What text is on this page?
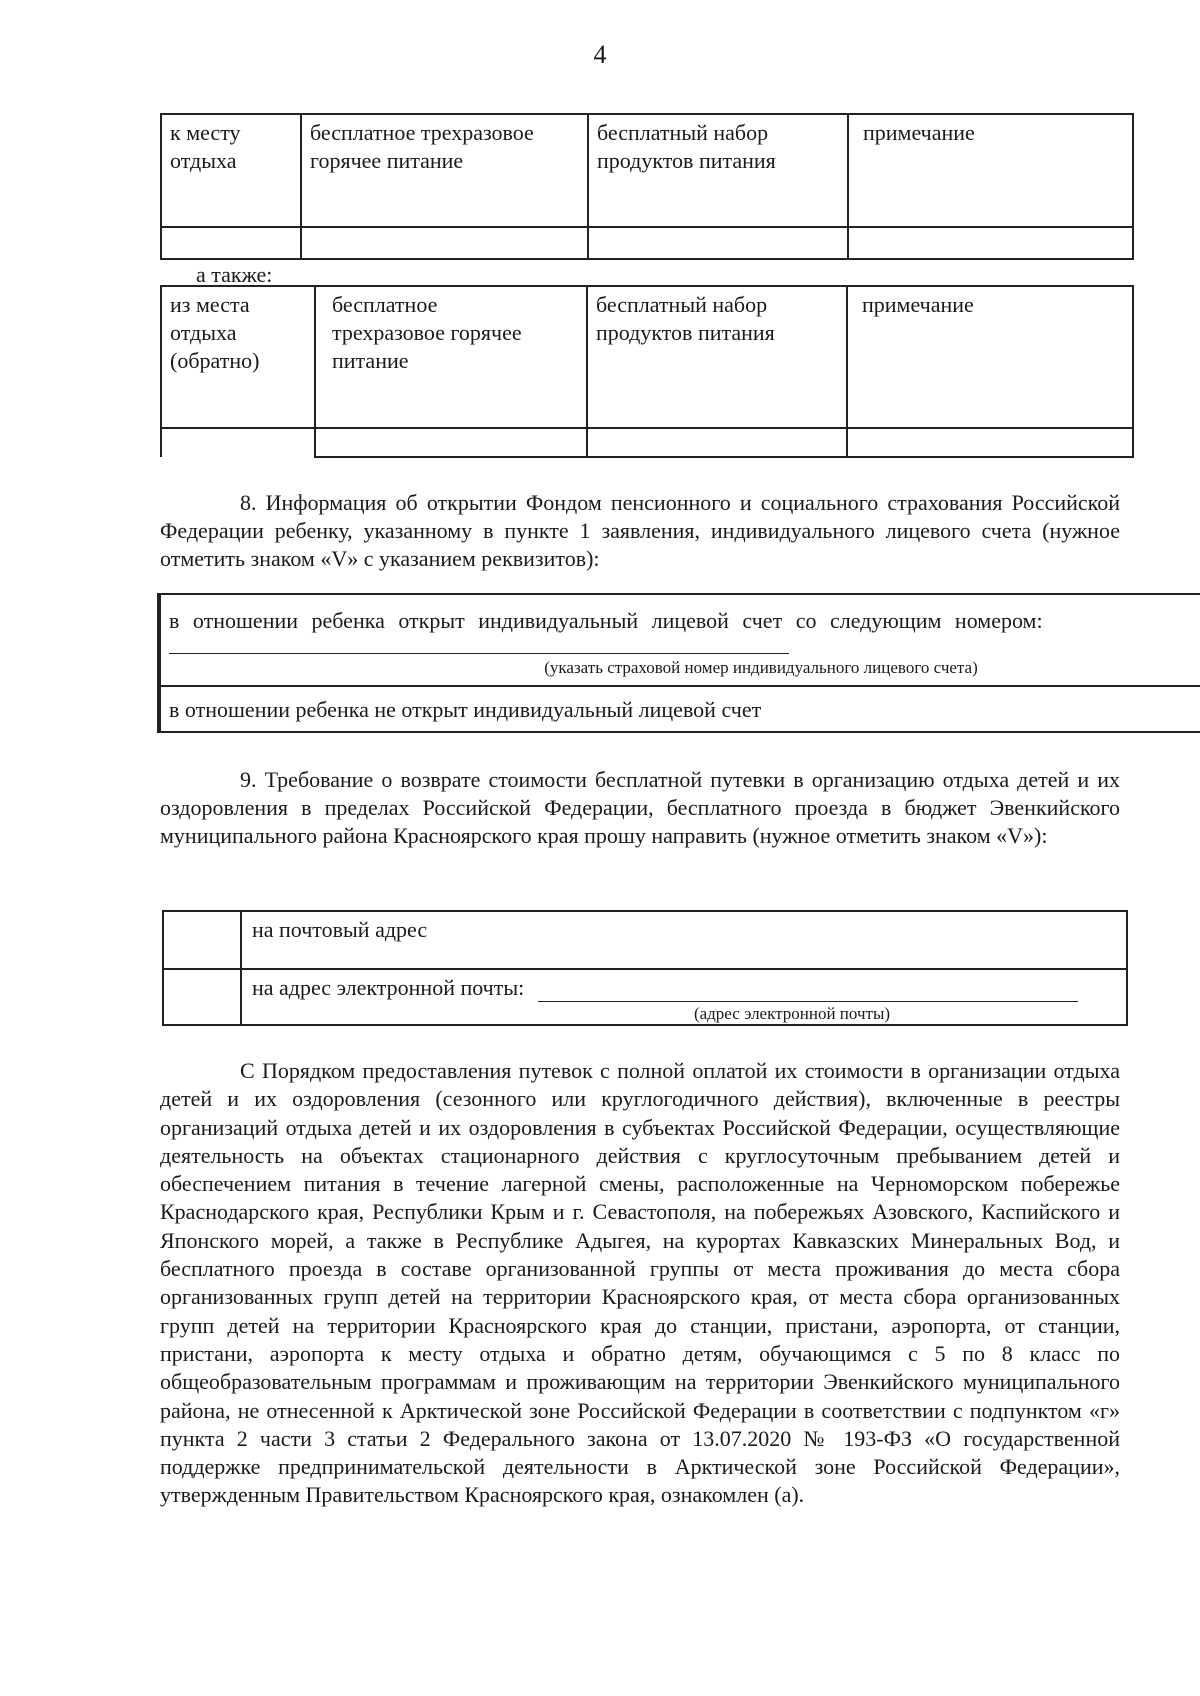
4
к месту отдыха	бесплатное трехразовое горячее питание	бесплатный набор продуктов питания	примечание

а также:
из места отдыха (обратно)	бесплатное трехразовое горячее питание	бесплатный набор продуктов питания	примечание

8. Информация об открытии Фондом пенсионного и социального страхования Российской Федерации ребенку, указанному в пункте 1 заявления, индивидуального лицевого счета (нужное отметить знаком «V» с указанием реквизитов):

	в отношении ребенка открыт индивидуальный лицевой счет со следующим номером:
(указать страховой номер индивидуального лицевого счета)

	в отношении ребенка не открыт индивидуальный лицевой счет
9. Требование о возврате стоимости бесплатной путевки в организацию отдыха детей и их оздоровления в пределах Российской Федерации, бесплатного проезда в бюджет Эвенкийского муниципального района Красноярского края прошу направить (нужное отметить знаком «V»):

	на почтовый адрес

	на адрес электронной почты:
(адрес электронной почты)
С Порядком предоставления путевок с полной оплатой их стоимости в организации отдыха детей и их оздоровления (сезонного или круглогодичного действия), включенные в реестры организаций отдыха детей и их оздоровления в субъектах Российской Федерации, осуществляющие деятельность на объектах стационарного действия с круглосуточным пребыванием детей и обеспечением питания в течение лагерной смены, расположенные на Черноморском побережье Краснодарского края, Республики Крым и г. Севастополя, на побережьях Азовского, Каспийского и Японского морей, а также в Республике Адыгея, на курортах Кавказских Минеральных Вод, и бесплатного проезда в составе организованной группы от места проживания до места сбора организованных групп детей на территории Красноярского края, от места сбора организованных групп детей на территории Красноярского края до станции, пристани, аэропорта, от станции, пристани, аэропорта к месту отдыха и обратно детям, обучающимся с 5 по 8 класс по общеобразовательным программам и проживающим на территории Эвенкийского муниципального района, не отнесенной к Арктической зоне Российской Федерации в соответствии с подпунктом «г» пункта 2 части 3 статьи 2 Федерального закона от 13.07.2020 № 193-ФЗ «О государственной поддержке предпринимательской деятельности в Арктической зоне Российской Федерации», утвержденным Правительством Красноярского края, ознакомлен (а).
